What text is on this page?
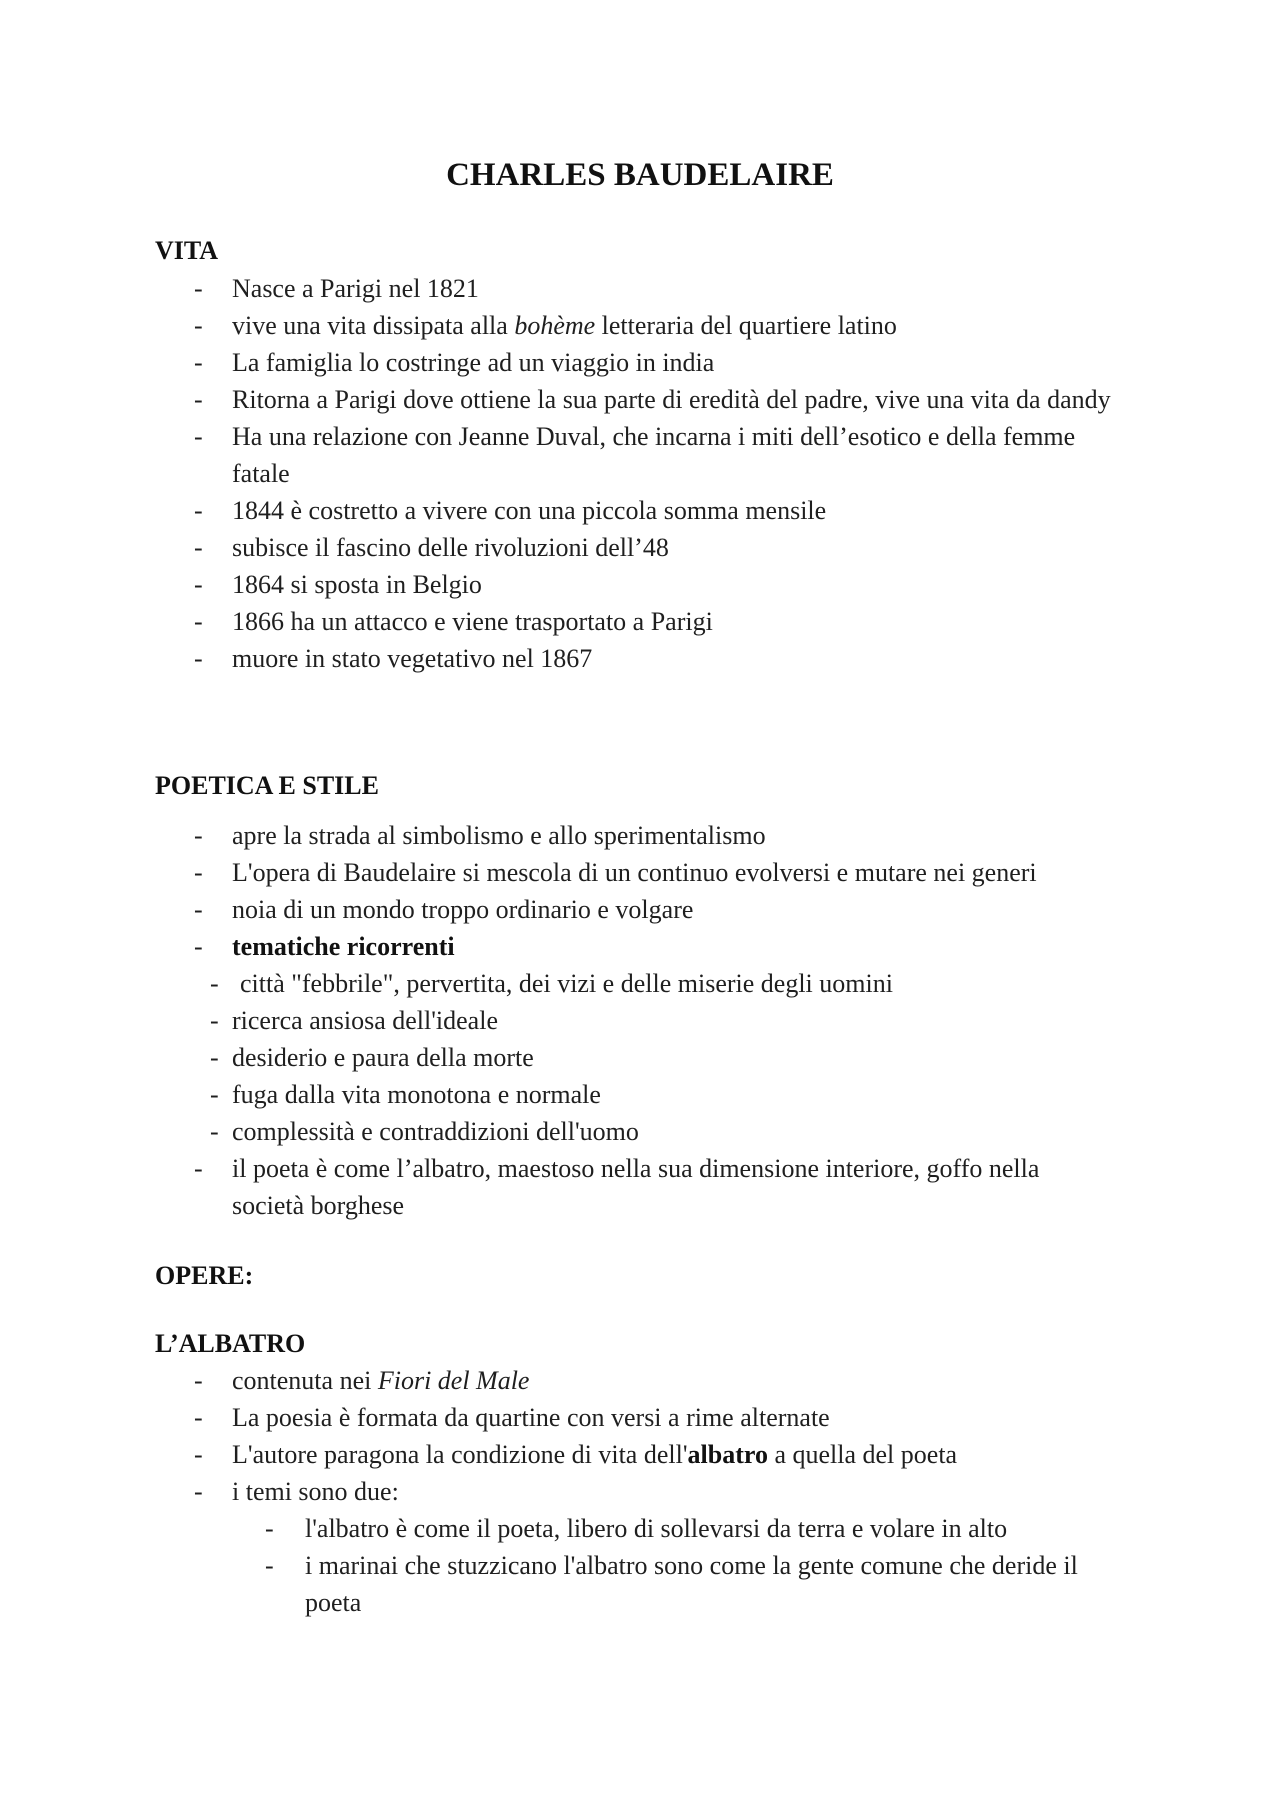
CHARLES BAUDELAIRE
VITA
- Nasce a Parigi nel 1821
- vive una vita dissipata alla bohème letteraria del quartiere latino
- La famiglia lo costringe ad un viaggio in india
- Ritorna a Parigi dove ottiene la sua parte di eredità del padre, vive una vita da dandy
- Ha una relazione con Jeanne Duval, che incarna i miti dell’esotico e della femme fatale
- 1844 è costretto a vivere con una piccola somma mensile
- subisce il fascino delle rivoluzioni dell’48
- 1864 si sposta in Belgio
- 1866 ha un attacco e viene trasportato a Parigi
- muore in stato vegetativo nel 1867
POETICA E STILE
- apre la strada al simbolismo e allo sperimentalismo
- L'opera di Baudelaire si mescola di un continuo evolversi e mutare nei generi
- noia di un mondo troppo ordinario e volgare
- tematiche ricorrenti
- città "febbrile", pervertita, dei vizi e delle miserie degli uomini
- ricerca ansiosa dell'ideale
- desiderio e paura della morte
- fuga dalla vita monotona e normale
- complessità e contraddizioni dell'uomo
- il poeta è come l’albatro, maestoso nella sua dimensione interiore, goffo nella società borghese
OPERE:
L’ALBATRO
- contenuta nei Fiori del Male
- La poesia è formata da quartine con versi a rime alternate
- L'autore paragona la condizione di vita dell'albatro a quella del poeta
- i temi sono due:
- l'albatro è come il poeta, libero di sollevarsi da terra e volare in alto
- i marinai che stuzzicano l'albatro sono come la gente comune che deride il poeta
